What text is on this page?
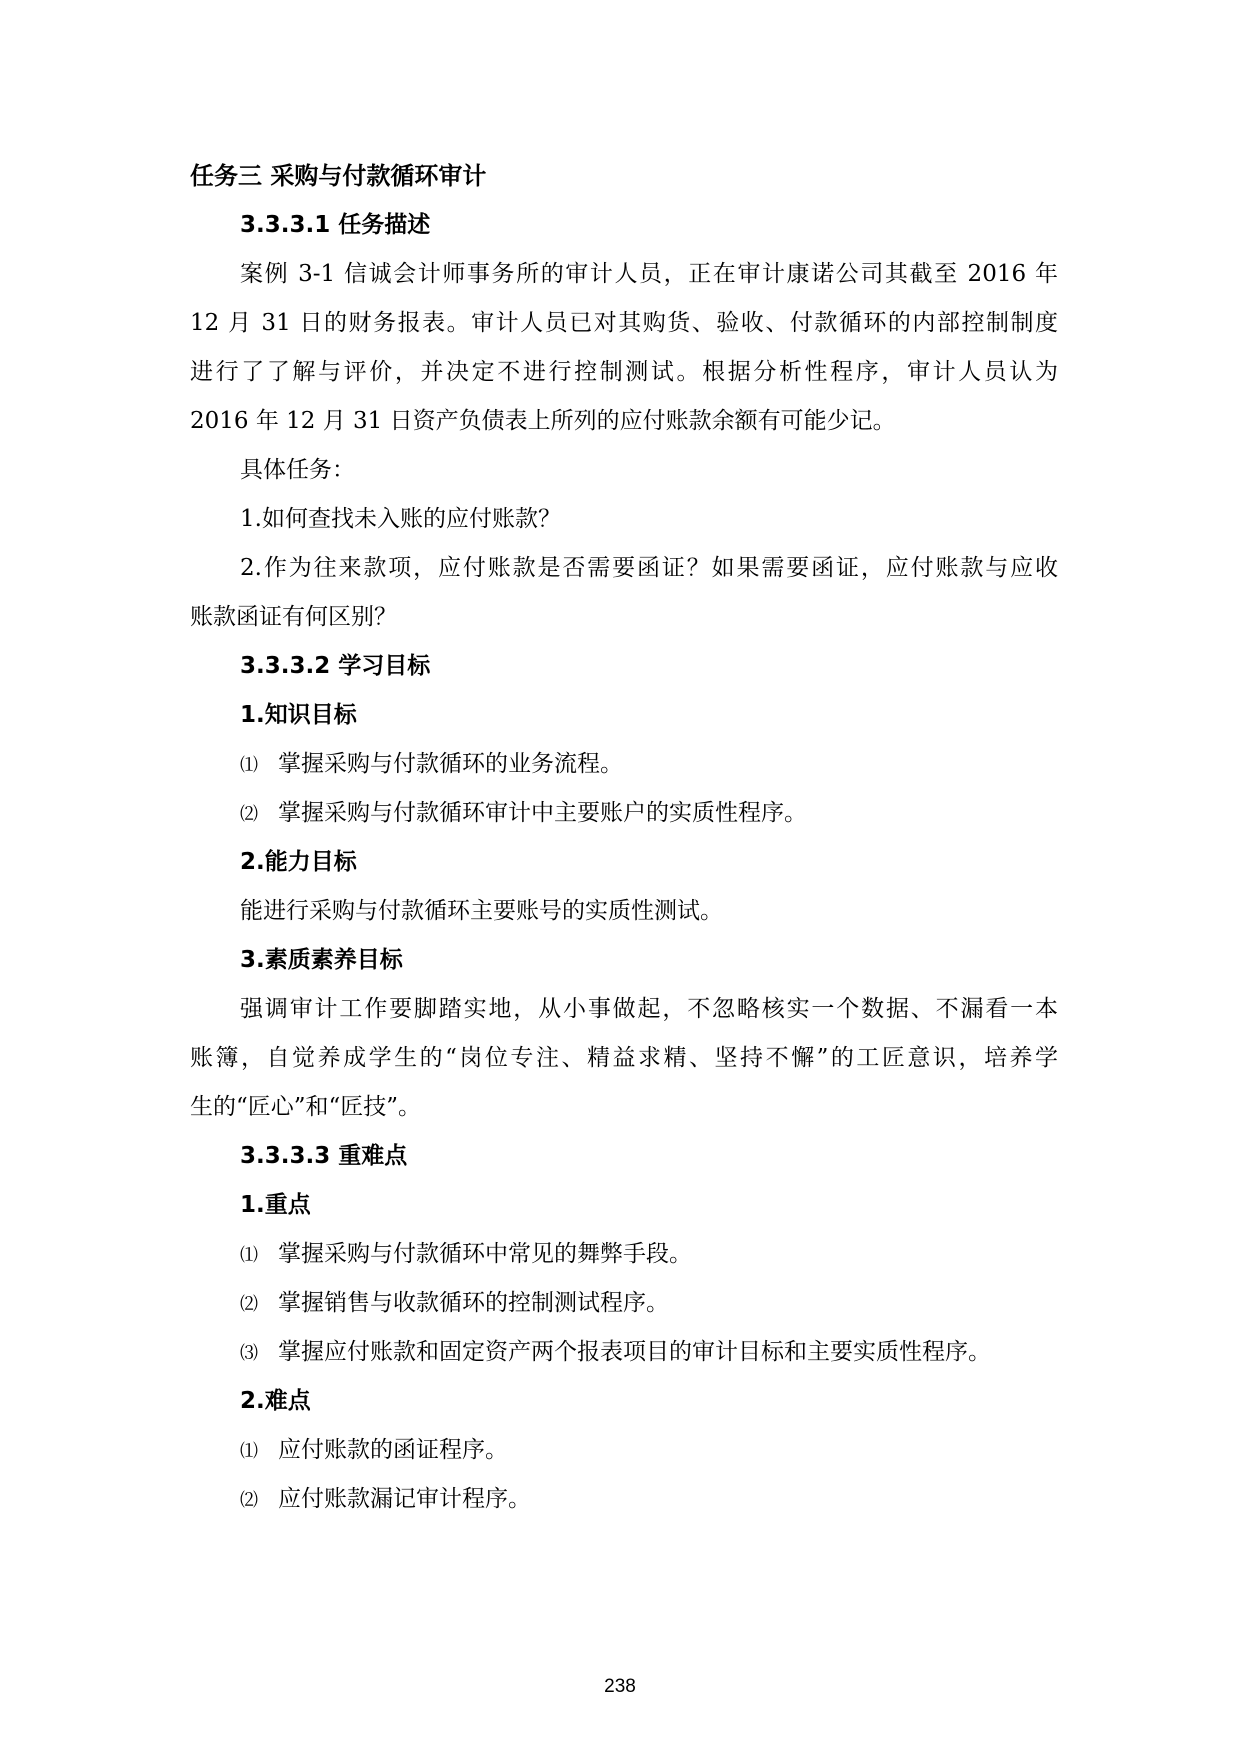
任务三 采购与付款循环审计
3.3.3.1 任务描述
案例 3-1 信诚会计师事务所的审计人员，正在审计康诺公司其截至 2016 年
12 月 31 日的财务报表。审计人员已对其购货、验收、付款循环的内部控制制度
进行了了解与评价，并决定不进行控制测试。根据分析性程序，审计人员认为
2016 年 12 月 31 日资产负债表上所列的应付账款余额有可能少记。
具体任务：
1.如何查找未入账的应付账款？
2.作为往来款项，应付账款是否需要函证？如果需要函证，应付账款与应收
账款函证有何区别？
3.3.3.2 学习目标
1.知识目标
⑴ 掌握采购与付款循环的业务流程。
⑵ 掌握采购与付款循环审计中主要账户的实质性程序。
2.能力目标
能进行采购与付款循环主要账号的实质性测试。
3.素质素养目标
强调审计工作要脚踏实地，从小事做起，不忽略核实一个数据、不漏看一本
账簿，自觉养成学生的“岗位专注、精益求精、坚持不懈”的工匠意识，培养学
生的“匠心”和“匠技”。
3.3.3.3 重难点
1.重点
⑴ 掌握采购与付款循环中常见的舞弊手段。
⑵ 掌握销售与收款循环的控制测试程序。
⑶ 掌握应付账款和固定资产两个报表项目的审计目标和主要实质性程序。
2.难点
⑴ 应付账款的函证程序。
⑵ 应付账款漏记审计程序。
238
